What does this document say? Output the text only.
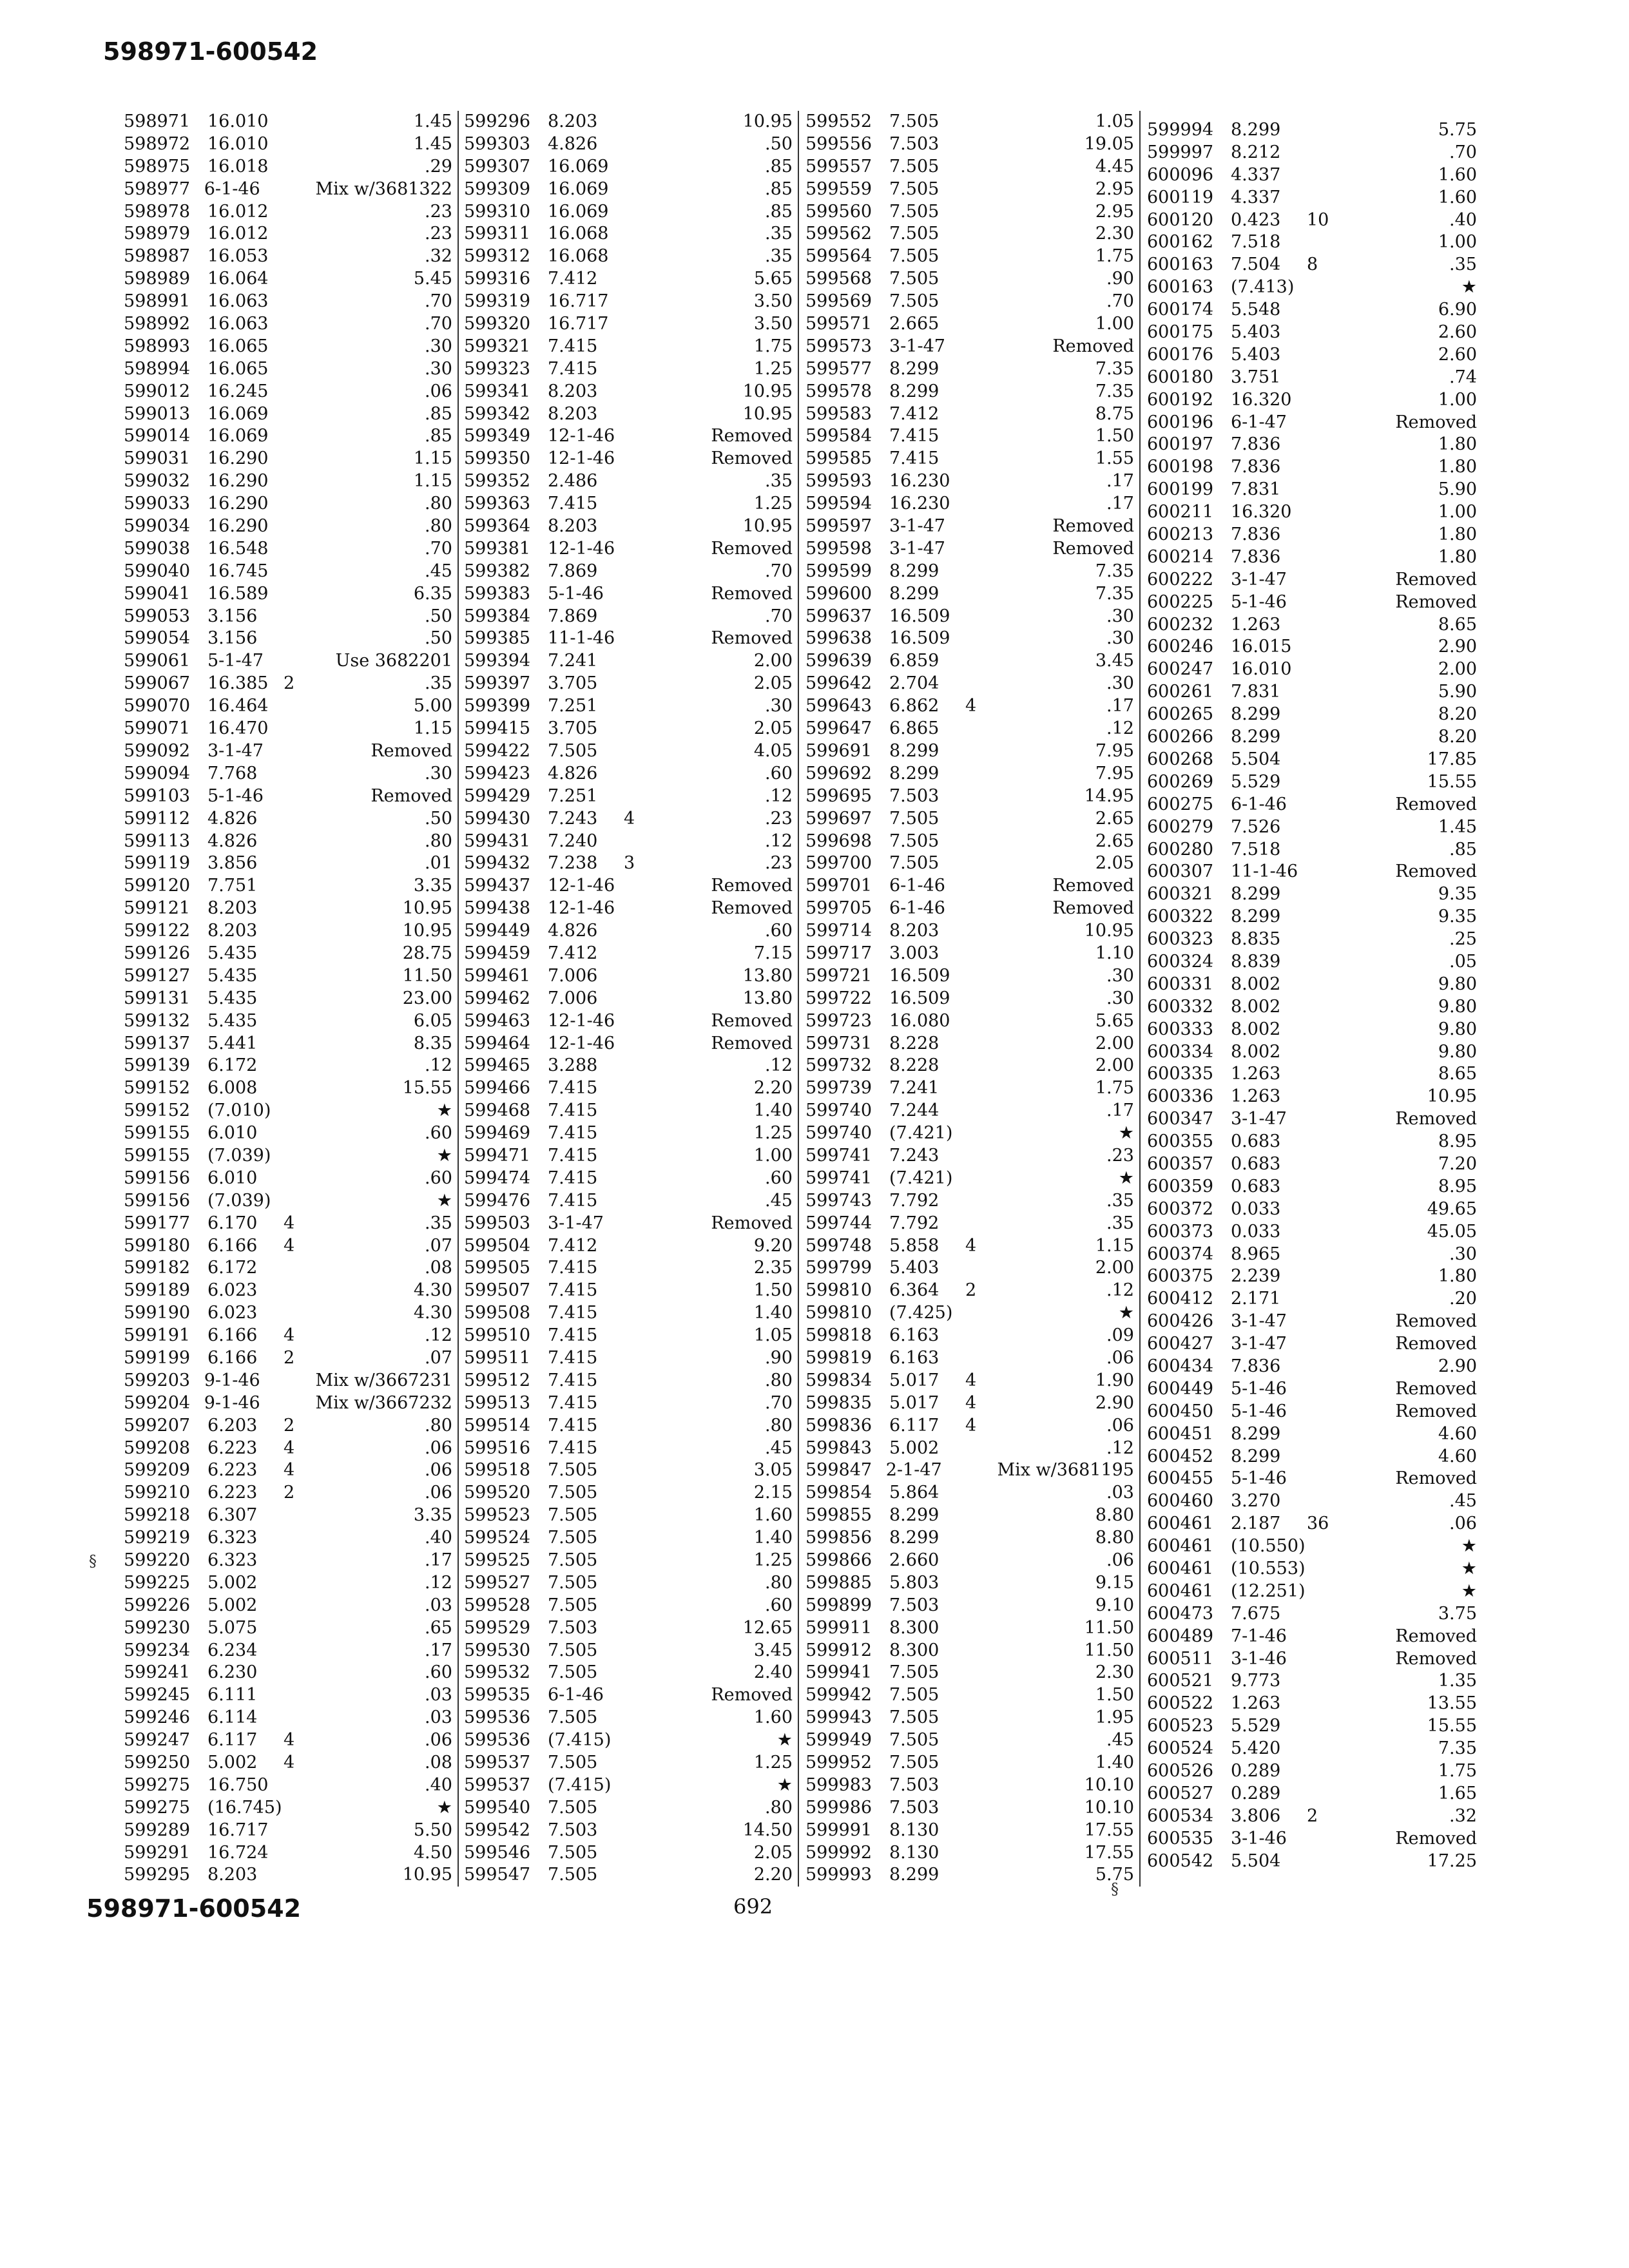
598971-600542
598971 16.010	1.45
598972 16.010	1.45
598975 16.018	.29
598977 6-1-46	Mix w/3681322
598978 16.012	.23
598979 16.012	.23
598987 16.053	.32
598989 16.064	5.45
598991 16.063	.70
598992 16.063	.70
598993 16.065	.30
598994 16.065	.30
599012 16.245	.06
599013 16.069	.85
599014 16.069	.85
599031 16.290	1.15
599032 16.290	1.15
599033 16.290	.80
599034 16.290	.80
599038 16.548	.70
599040 16.745	.45
599041 16.589	6.35
599053 3.156	.50
599054 3.156	.50
599061 5-1-47	Use 3682201
599067 16.385 2	.35
599070 16.464	5.00
599071 16.470	1.15
599092 3-1-47	Removed
599094 7.768	.30
599103 5-1-46	Removed
599112 4.826	.50
599113 4.826	.80
599119 3.856	.01
599120 7.751	3.35
599121 8.203	10.95
599122 8.203	10.95
599126 5.435	28.75
599127 5.435	11.50
599131 5.435	23.00
599132 5.435	6.05
599137 5.441	8.35
599139 6.172	.12
599152 6.008	15.55
599152 (7.010)	★
599155 6.010	.60
599155 (7.039)	★
599156 6.010	.60
599156 (7.039)	★
599177 6.170	4	.35
599180 6.166	4	.07
599182 6.172	.08
599189 6.023	4.30
599190 6.023	4.30
599191 6.166	4	.12
599199 6.166	2	.07
599203 9-1-46	Mix w/3667231
599204 9-1-46	Mix w/3667232
599207 6.203	2	.80
599208 6.223	4	.06
599209 6.223	4	.06
599210 6.223	2	.06
599218 6.307	3.35
599219 6.323	.40
599220 6.323	.17
599225 5.002	.12
599226 5.002	.03
599230 5.075	.65
599234 6.234	.17
599241 6.230	.60
599245 6.111	.03
599246 6.114	.03
599247 6.117	4	.06
599250 5.002	4	.08
599275 16.750	.40
599275 (16.745)	★
599289 16.717	5.50
599291 16.724	4.50
599295 8.203	10.95
599296 8.203	10.95
599303 4.826	.50
599307 16.069	.85
599309 16.069	.85
599310 16.069	.85
599311 16.068	.35
599312 16.068	.35
599316 7.412	5.65
599319 16.717	3.50
599320 16.717	3.50
599321 7.415	1.75
599323 7.415	1.25
599341 8.203	10.95
599342 8.203	10.95
599349 12-1-46	Removed
599350 12-1-46	Removed
599352 2.486	.35
599363 7.415	1.25
599364 8.203	10.95
599381 12-1-46	Removed
599382 7.869	.70
599383 5-1-46	Removed
599384 7.869	.70
599385 11-1-46	Removed
599394 7.241	2.00
599397 3.705	2.05
599399 7.251	.30
599415 3.705	2.05
599422 7.505	4.05
599423 4.826	.60
599429 7.251	.12
599430 7.243	4	.23
599431 7.240	.12
599432 7.238	3	.23
599437 12-1-46	Removed
599438 12-1-46	Removed
599449 4.826	.60
599459 7.412	7.15
599461 7.006	13.80
599462 7.006	13.80
599463 12-1-46	Removed
599464 12-1-46	Removed
599465 3.288	.12
599466 7.415	2.20
599468 7.415	1.40
599469 7.415	1.25
599471 7.415	1.00
599474 7.415	.60
599476 7.415	.45
599503 3-1-47	Removed
599504 7.412	9.20
599505 7.415	2.35
599507 7.415	1.50
599508 7.415	1.40
599510 7.415	1.05
599511 7.415	.90
599512 7.415	.80
599513 7.415	.70
599514 7.415	.80
599516 7.415	.45
599518 7.505	3.05
599520 7.505	2.15
599523 7.505	1.60
599524 7.505	1.40
599525 7.505	1.25
599527 7.505	.80
599528 7.505	.60
599529 7.503	12.65
599530 7.505	3.45
599532 7.505	2.40
599535 6-1-46	Removed
599536 7.505	1.60
599536 (7.415)	★
599537 7.505	1.25
599537 (7.415)	★
599540 7.505	.80
599542 7.503	14.50
599546 7.505	2.05
599547 7.505	2.20
599552 7.505	1.05
599556 7.503	19.05
599557 7.505	4.45
599559 7.505	2.95
599560 7.505	2.95
599562 7.505	2.30
599564 7.505	1.75
599568 7.505	.90
599569 7.505	.70
599571 2.665	1.00
599573 3-1-47	Removed
599577 8.299	7.35
599578 8.299	7.35
599583 7.412	8.75
599584 7.415	1.50
599585 7.415	1.55
599593 16.230	.17
599594 16.230	.17
599597 3-1-47	Removed
599598 3-1-47	Removed
599599 8.299	7.35
599600 8.299	7.35
599637 16.509	.30
599638 16.509	.30
599639 6.859	3.45
599642 2.704	.30
599643 6.862	4	.17
599647 6.865	.12
599691 8.299	7.95
599692 8.299	7.95
599695 7.503	14.95
599697 7.505	2.65
599698 7.505	2.65
599700 7.505	2.05
599701 6-1-46	Removed
599705 6-1-46	Removed
599714 8.203	10.95
599717 3.003	1.10
599721 16.509	.30
599722 16.509	.30
599723 16.080	5.65
599731 8.228	2.00
599732 8.228	2.00
599739 7.241	1.75
599740 7.244	.17
599740 (7.421)	★
599741 7.243	.23
599741 (7.421)	★
599743 7.792	.35
599744 7.792	.35
599748 5.858	4	1.15
599799 5.403	2.00
599810 6.364	2	.12
599810 (7.425)	★
599818 6.163	.09
599819 6.163	.06
599834 5.017	4	1.90
599835 5.017	4	2.90
599836 6.117	4	.06
599843 5.002	.12
599847 2-1-47	Mix w/3681195
599854 5.864	.03
599855 8.299	8.80
599856 8.299	8.80
599866 2.660	.06
599885 5.803	9.15
599899 7.503	9.10
599911 8.300	11.50
599912 8.300	11.50
599941 7.505	2.30
599942 7.505	1.50
599943 7.505	1.95
599949 7.505	.45
599952 7.505	1.40
599983 7.503	10.10
599986 7.503	10.10
599991 8.130	17.55
599992 8.130	17.55
599993 8.299	5.75
599994 8.299	5.75
599997 8.212	.70
600096 4.337	1.60
600119 4.337	1.60
600120 0.423	10	.40
600162 7.518	1.00
600163 7.504	8	.35
600163 (7.413)	★
600174 5.548	6.90
600175 5.403	2.60
600176 5.403	2.60
600180 3.751	.74
600192 16.320	1.00
600196 6-1-47	Removed
600197 7.836	1.80
600198 7.836	1.80
600199 7.831	5.90
600211 16.320	1.00
600213 7.836	1.80
600214 7.836	1.80
600222 3-1-47	Removed
600225 5-1-46	Removed
600232 1.263	8.65
600246 16.015	2.90
600247 16.010	2.00
600261 7.831	5.90
600265 8.299	8.20
600266 8.299	8.20
600268 5.504	17.85
600269 5.529	15.55
600275 6-1-46	Removed
600279 7.526	1.45
600280 7.518	.85
600307 11-1-46	Removed
600321 8.299	9.35
600322 8.299	9.35
600323 8.835	.25
600324 8.839	.05
600331 8.002	9.80
600332 8.002	9.80
600333 8.002	9.80
600334 8.002	9.80
600335 1.263	8.65
600336 1.263	10.95
600347 3-1-47	Removed
600355 0.683	8.95
600357 0.683	7.20
600359 0.683	8.95
600372 0.033	49.65
600373 0.033	45.05
600374 8.965	.30
600375 2.239	1.80
600412 2.171	.20
600426 3-1-47	Removed
600427 3-1-47	Removed
600434 7.836	2.90
600449 5-1-46	Removed
600450 5-1-46	Removed
600451 8.299	4.60
600452 8.299	4.60
600455 5-1-46	Removed
600460 3.270	.45
600461 2.187	36	.06
600461 (10.550)	★
600461 (10.553)	★
600461 (12.251)	★
600473 7.675	3.75
600489 7-1-46	Removed
600511 3-1-46	Removed
600521 9.773	1.35
600522 1.263	13.55
600523 5.529	15.55
600524 5.420	7.35
600526 0.289	1.75
600527 0.289	1.65
600534 3.806	2	.32
600535 3-1-46	Removed
600542 5.504	17.25
§
§
598971-600542	692
